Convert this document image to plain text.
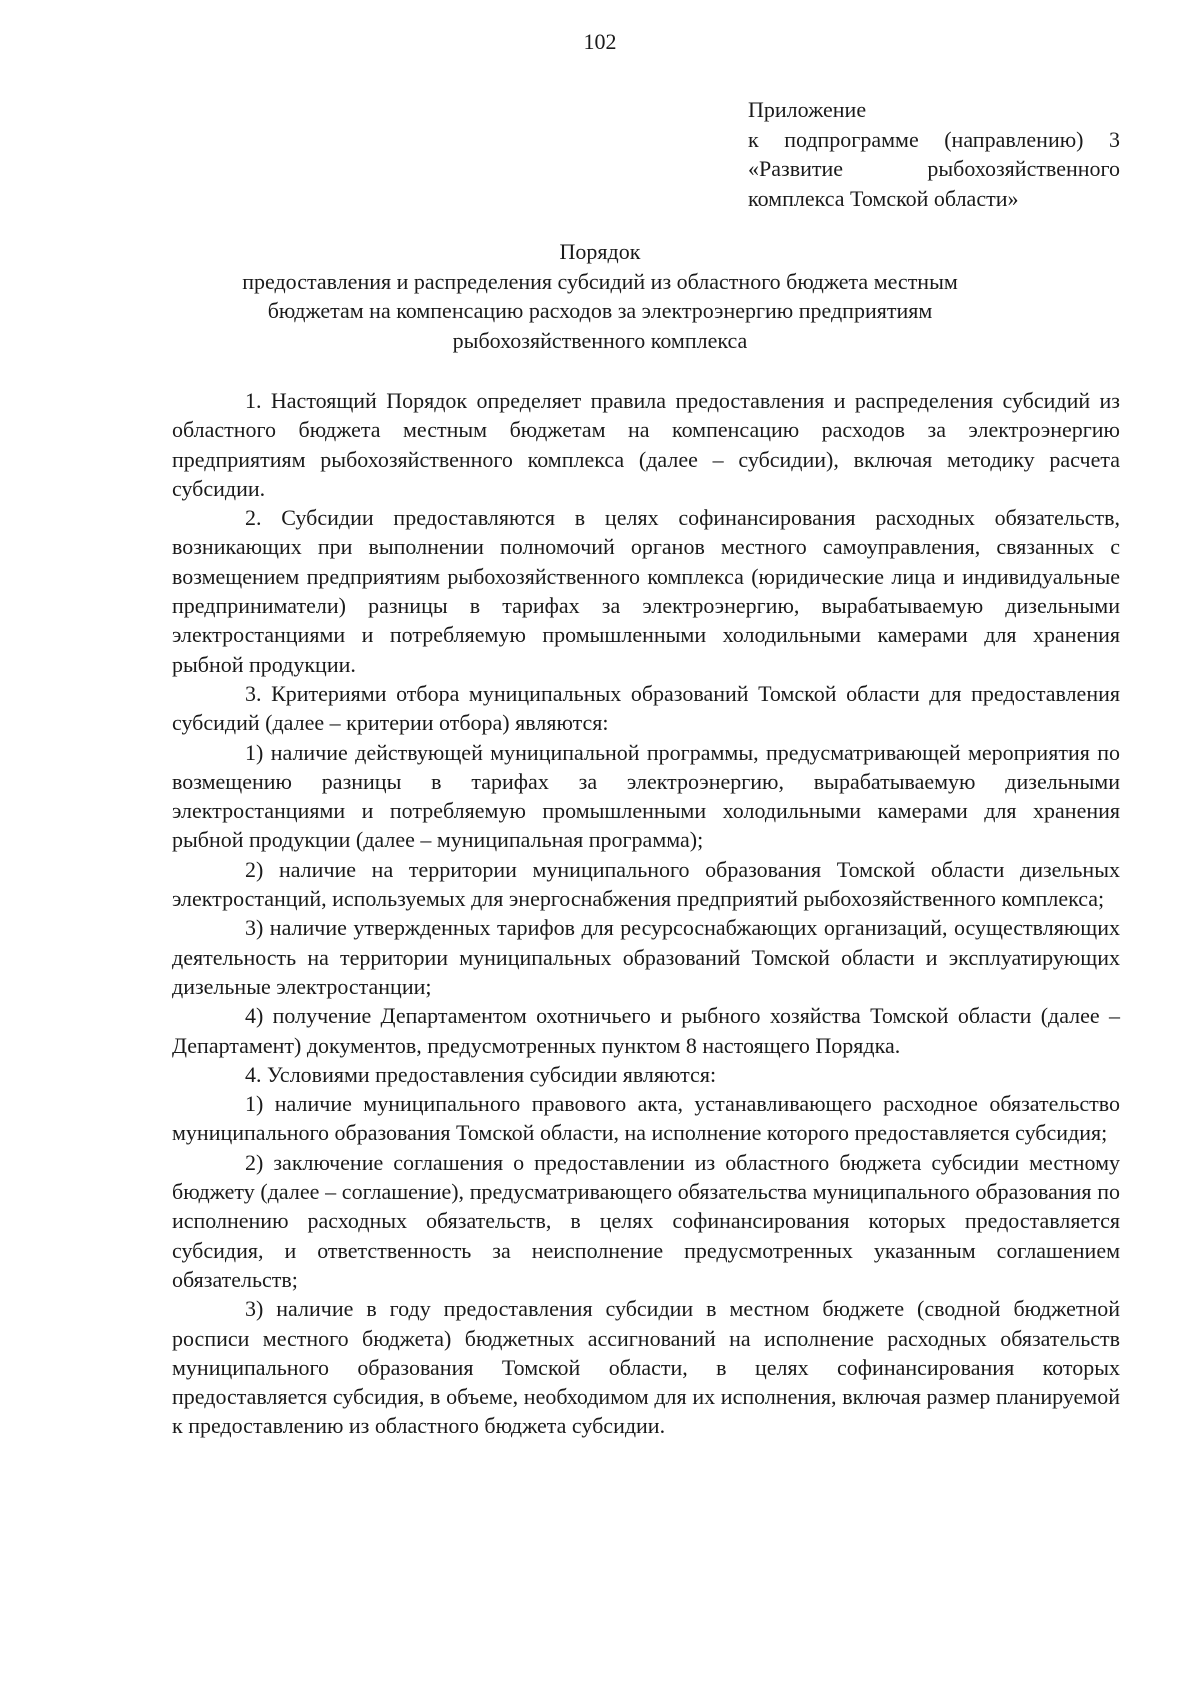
102
Приложение
к подпрограмме (направлению) 3
«Развитие рыбохозяйственного
комплекса Томской области»
Порядок
предоставления и распределения субсидий из областного бюджета местным
бюджетам на компенсацию расходов за электроэнергию предприятиям
рыбохозяйственного комплекса

1. Настоящий Порядок определяет правила предоставления и распределения субсидий из областного бюджета местным бюджетам на компенсацию расходов за электроэнергию предприятиям рыбохозяйственного комплекса (далее – субсидии), включая методику расчета субсидии.

2. Субсидии предоставляются в целях софинансирования расходных обязательств, возникающих при выполнении полномочий органов местного самоуправления, связанных с возмещением предприятиям рыбохозяйственного комплекса (юридические лица и индивидуальные предприниматели) разницы в тарифах за электроэнергию, вырабатываемую дизельными электростанциями и потребляемую промышленными холодильными камерами для хранения рыбной продукции.

3. Критериями отбора муниципальных образований Томской области для предоставления субсидий (далее – критерии отбора) являются:

1) наличие действующей муниципальной программы, предусматривающей мероприятия по возмещению разницы в тарифах за электроэнергию, вырабатываемую дизельными электростанциями и потребляемую промышленными холодильными камерами для хранения рыбной продукции (далее – муниципальная программа);

2) наличие на территории муниципального образования Томской области дизельных электростанций, используемых для энергоснабжения предприятий рыбохозяйственного комплекса;

3) наличие утвержденных тарифов для ресурсоснабжающих организаций, осуществляющих деятельность на территории муниципальных образований Томской области и эксплуатирующих дизельные электростанции;

4) получение Департаментом охотничьего и рыбного хозяйства Томской области (далее – Департамент) документов, предусмотренных пунктом 8 настоящего Порядка.

4. Условиями предоставления субсидии являются:

1) наличие муниципального правового акта, устанавливающего расходное обязательство муниципального образования Томской области, на исполнение которого предоставляется субсидия;

2) заключение соглашения о предоставлении из областного бюджета субсидии местному бюджету (далее – соглашение), предусматривающего обязательства муниципального образования по исполнению расходных обязательств, в целях софинансирования которых предоставляется субсидия, и ответственность за неисполнение предусмотренных указанным соглашением обязательств;

3) наличие в году предоставления субсидии в местном бюджете (сводной бюджетной росписи местного бюджета) бюджетных ассигнований на исполнение расходных обязательств муниципального образования Томской области, в целях софинансирования которых предоставляется субсидия, в объеме, необходимом для их исполнения, включая размер планируемой к предоставлению из областного бюджета субсидии.
